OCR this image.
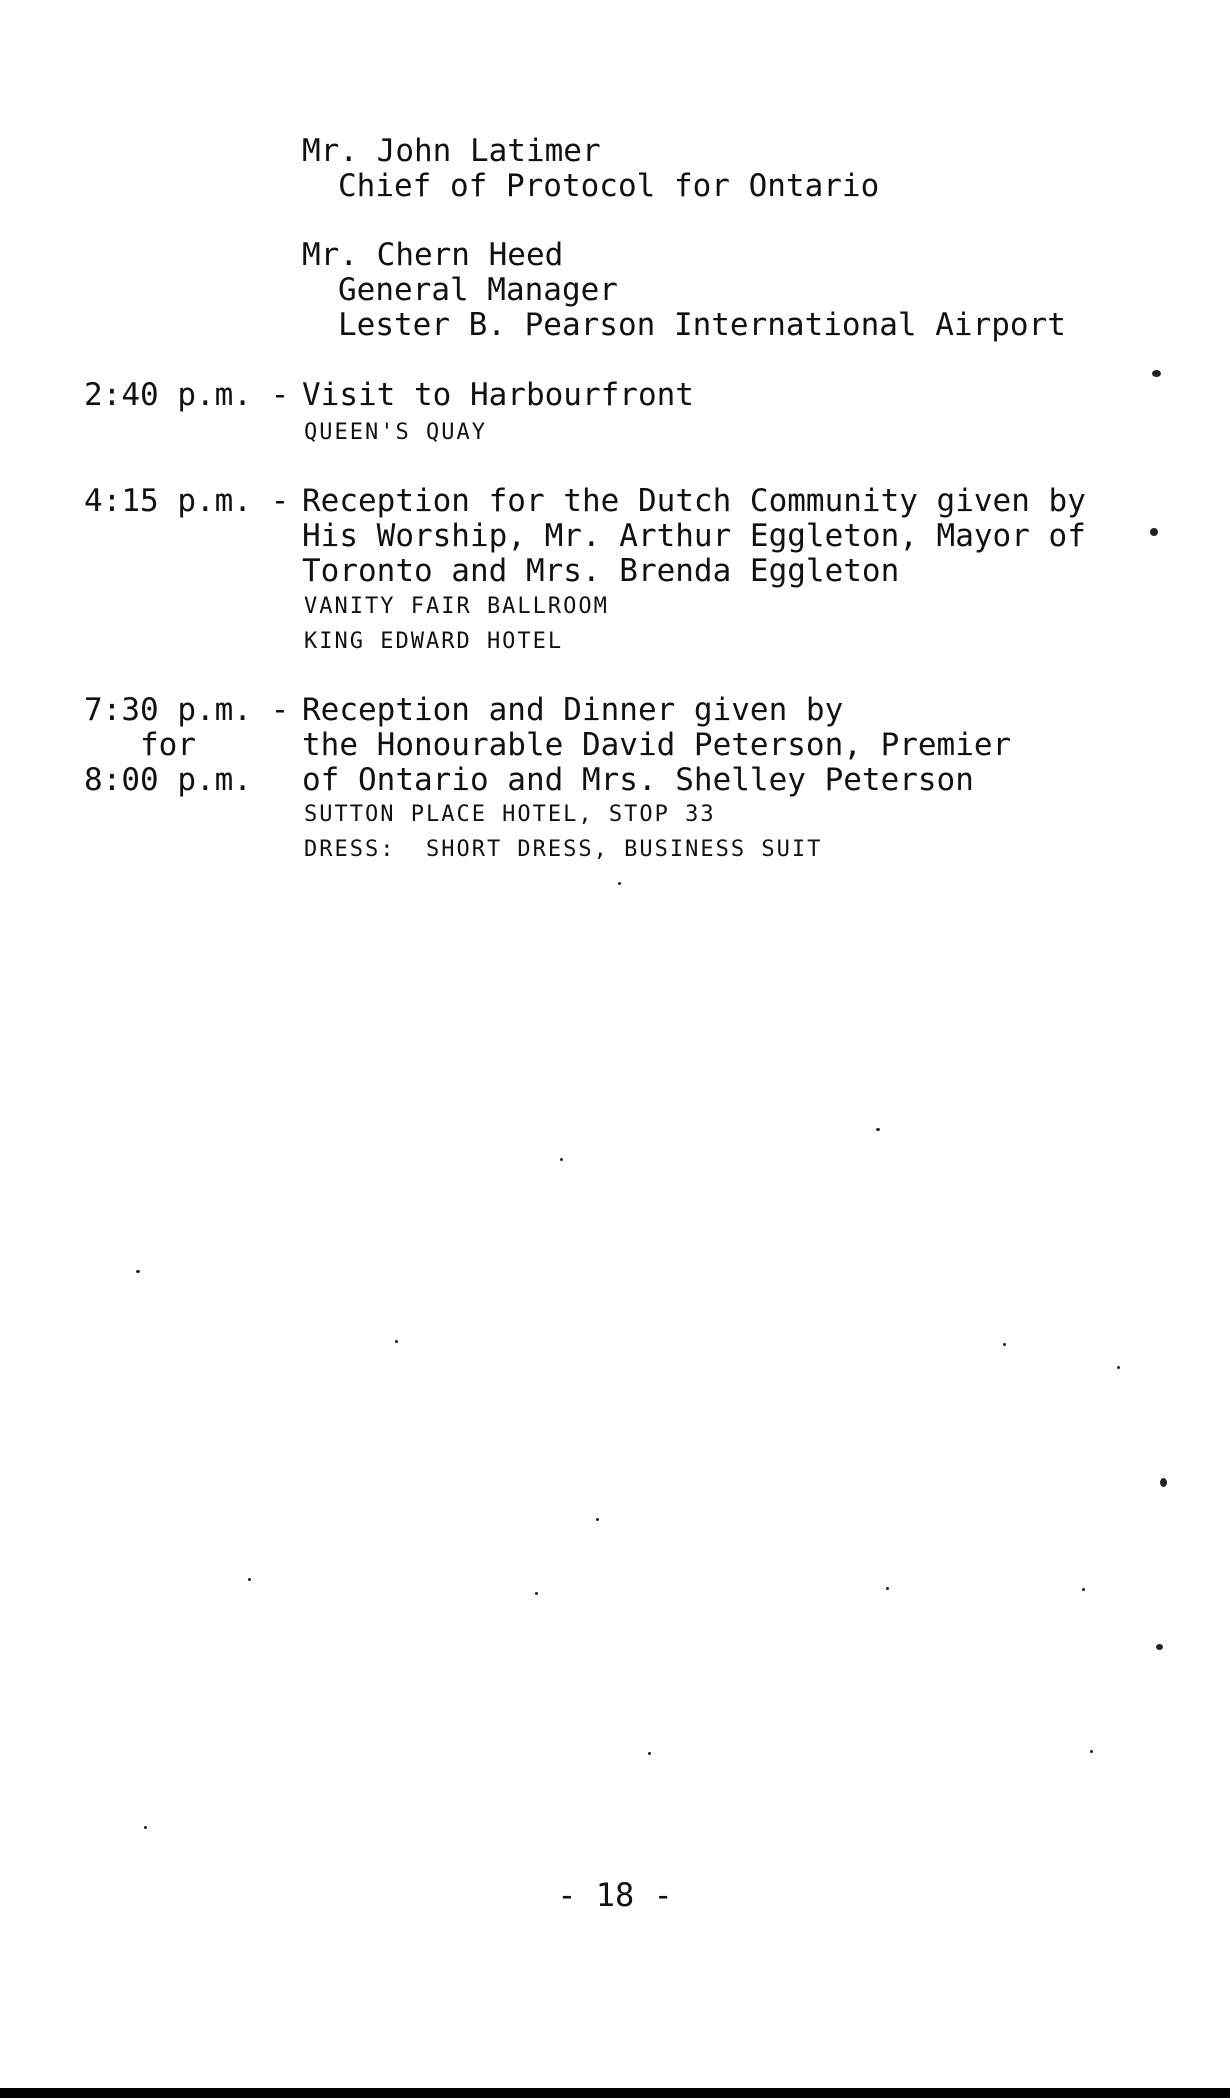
Mr. John Latimer
Chief of Protocol for Ontario
Mr. Chern Heed
General Manager
Lester B. Pearson International Airport
2:40 p.m. - Visit to Harbourfront
QUEEN'S QUAY
4:15 p.m. - Reception for the Dutch Community given by
His Worship, Mr. Arthur Eggleton, Mayor of
Toronto and Mrs. Brenda Eggleton
VANITY FAIR BALLROOM
KING EDWARD HOTEL
7:30 p.m. -
for
8:00 p.m.
Reception and Dinner given by
the Honourable David Peterson, Premier
of Ontario and Mrs. Shelley Peterson
SUTTON PLACE HOTEL, STOP 33
DRESS:  SHORT DRESS, BUSINESS SUIT
- 18 -
